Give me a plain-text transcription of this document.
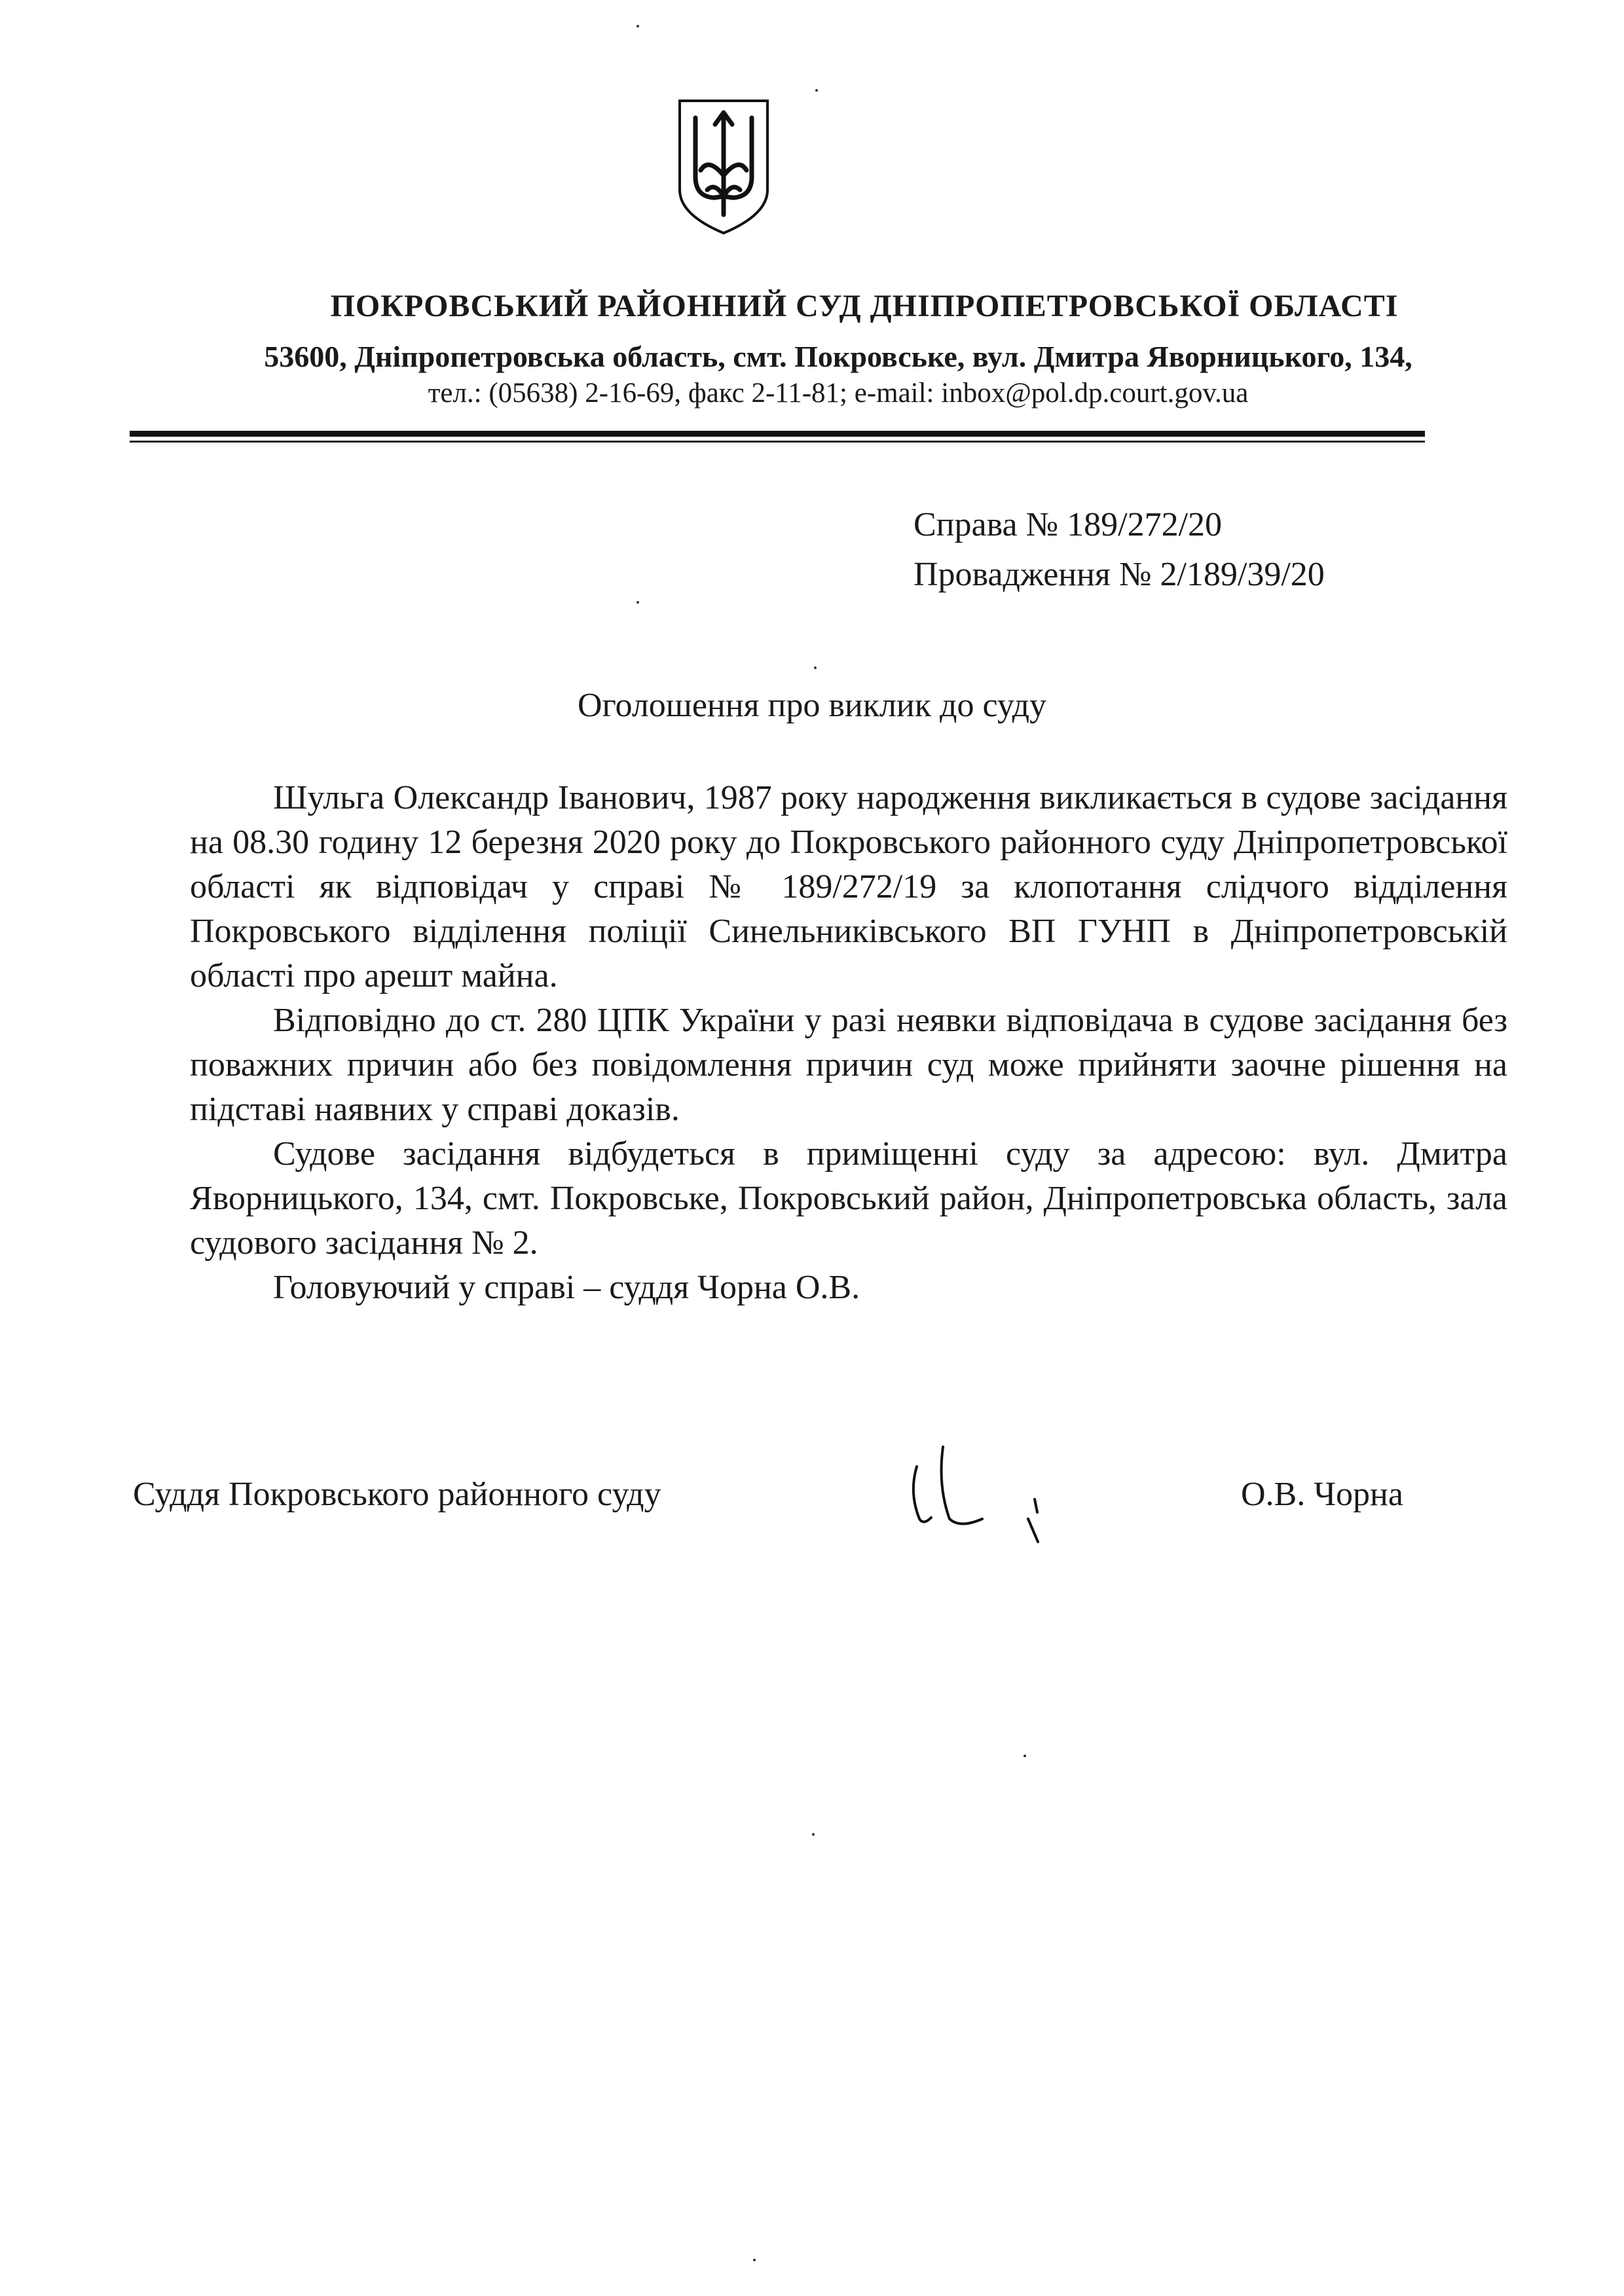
ПОКРОВСЬКИЙ РАЙОННИЙ СУД ДНІПРОПЕТРОВСЬКОЇ ОБЛАСТІ
53600, Дніпропетровська область, смт. Покровське, вул. Дмитра Яворницького, 134,
тел.: (05638) 2-16-69, факс 2-11-81; e-mail: inbox@pol.dp.court.gov.ua
Справа № 189/272/20
Провадження № 2/189/39/20
Оголошення про виклик до суду

Шульга Олександр Іванович, 1987 року народження викликається в судове засідання на 08.30 годину 12 березня 2020 року до Покровського районного суду Дніпропетровської області як відповідач у справі № 189/272/19 за клопотання слідчого відділення Покровського відділення поліції Синельниківського ВП ГУНП в Дніпропетровській області про арешт майна.

Відповідно до ст. 280 ЦПК України у разі неявки відповідача в судове засідання без поважних причин або без повідомлення причин суд може прийняти заочне рішення на підставі наявних у справі доказів.

Судове засідання відбудеться в приміщенні суду за адресою: вул. Дмитра Яворницького, 134, смт. Покровське, Покровський район, Дніпропетровська область, зала судового засідання № 2.

Головуючий у справі – суддя Чорна О.В.

Суддя Покровського районного суду	О.В. Чорна
